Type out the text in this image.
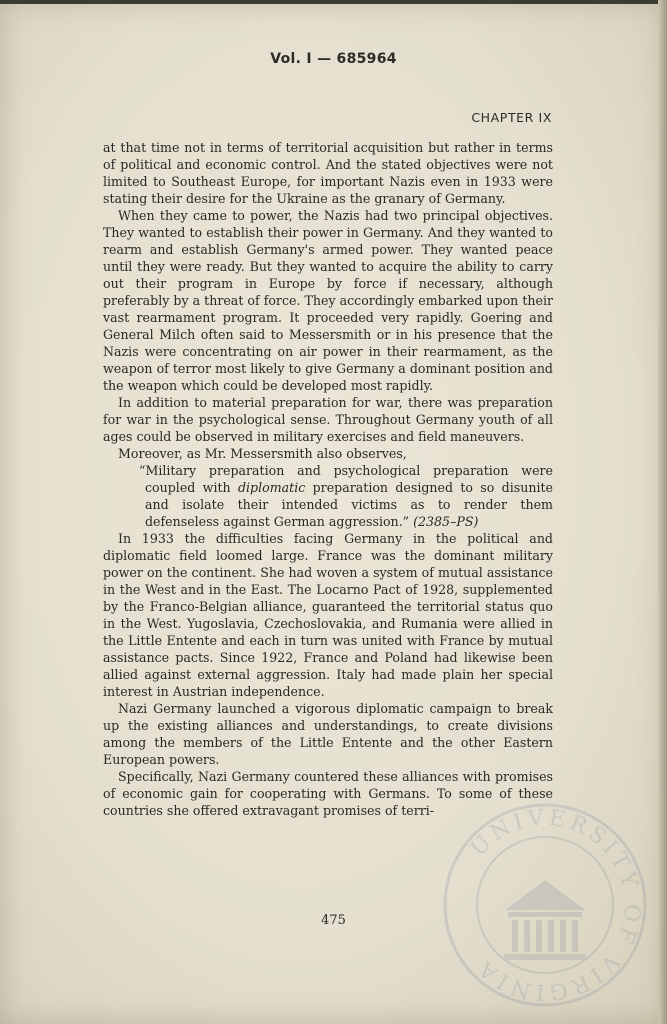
Vol. I — 685964
CHAPTER IX

at that time not in terms of territorial acquisition but rather in terms of political and economic control. And the stated objectives were not limited to Southeast Europe, for important Nazis even in 1933 were stating their desire for the Ukraine as the granary of Germany.

When they came to power, the Nazis had two principal objectives. They wanted to establish their power in Germany. And they wanted to rearm and establish Germany's armed power. They wanted peace until they were ready. But they wanted to acquire the ability to carry out their program in Europe by force if necessary, although preferably by a threat of force. They accordingly embarked upon their vast rearmament program. It proceeded very rapidly. Goering and General Milch often said to Messersmith or in his presence that the Nazis were concentrating on air power in their rearmament, as the weapon of terror most likely to give Germany a dominant position and the weapon which could be developed most rapidly.

In addition to material preparation for war, there was preparation for war in the psychological sense. Throughout Germany youth of all ages could be observed in military exercises and field maneuvers.

Moreover, as Mr. Messersmith also observes,

“Military preparation and psychological preparation were coupled with diplomatic preparation designed to so disunite and isolate their intended victims as to render them defenseless against German aggression.” (2385–PS)

In 1933 the difficulties facing Germany in the political and diplomatic field loomed large. France was the dominant military power on the continent. She had woven a system of mutual assistance in the West and in the East. The Locarno Pact of 1928, supplemented by the Franco-Belgian alliance, guaranteed the territorial status quo in the West. Yugoslavia, Czechoslovakia, and Rumania were allied in the Little Entente and each in turn was united with France by mutual assistance pacts. Since 1922, France and Poland had likewise been allied against external aggression. Italy had made plain her special interest in Austrian independence.

Nazi Germany launched a vigorous diplomatic campaign to break up the existing alliances and understandings, to create divisions among the members of the Little Entente and the other Eastern European powers.

Specifically, Nazi Germany countered these alliances with promises of economic gain for cooperating with Germans. To some of these countries she offered extravagant promises of terri-

475
UNIVERSITY OF VIRGINIA
